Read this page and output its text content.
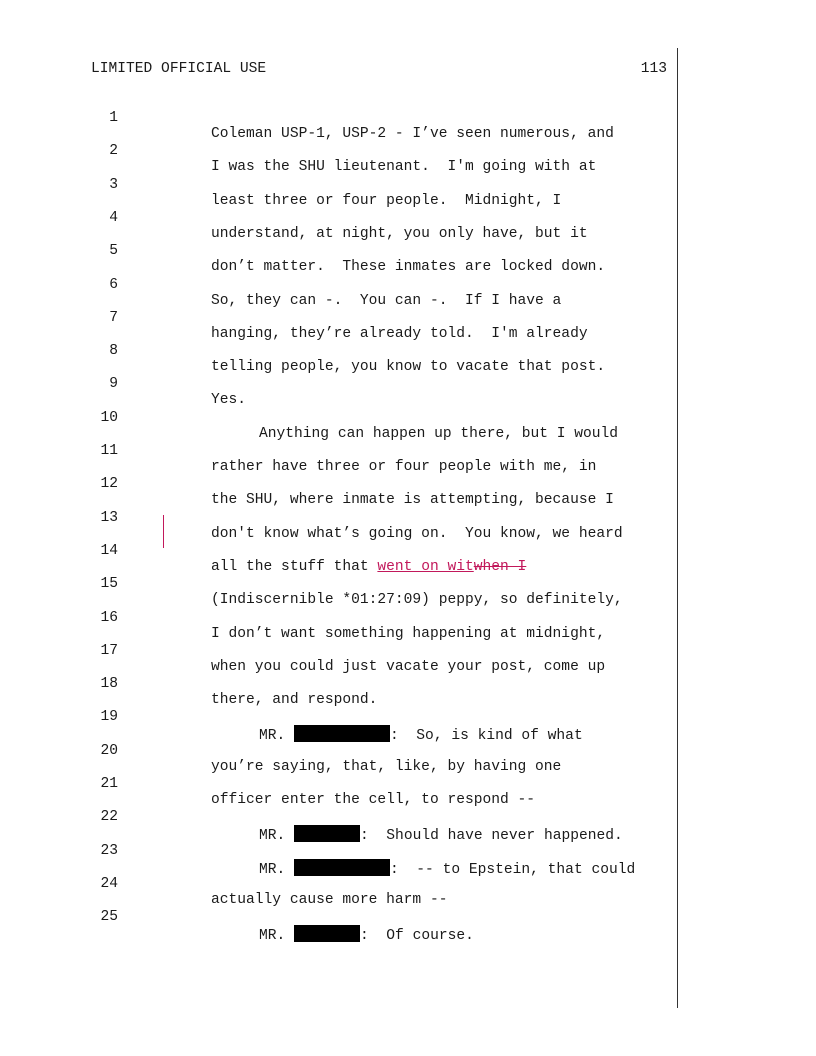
LIMITED OFFICIAL USE	113

1

Coleman USP-1, USP-2 - I’ve seen numerous, and

2

I was the SHU lieutenant.  I'm going with at

3

least three or four people.  Midnight, I

4

understand, at night, you only have, but it

5

don’t matter.  These inmates are locked down.

6

So, they can -.  You can -.  If I have a

7

hanging, they’re already told.  I'm already

8

telling people, you know to vacate that post.

9

Yes.

10

Anything can happen up there, but I would

11

rather have three or four people with me, in

12

the SHU, where inmate is attempting, because I

13

don't know what’s going on.  You know, we heard

14

all the stuff that went on witwhen I

15

(Indiscernible *01:27:09) peppy, so definitely,

16

I don’t want something happening at midnight,

17

when you could just vacate your post, come up

18

there, and respond.

19

MR.	:  So, is kind of what

20

you’re saying, that, like, by having one

21

officer enter the cell, to respond --

22

MR.	:  Should have never happened.

23

MR.	:  -- to Epstein, that could

24

actually cause more harm --

25

MR.	:  Of course.
